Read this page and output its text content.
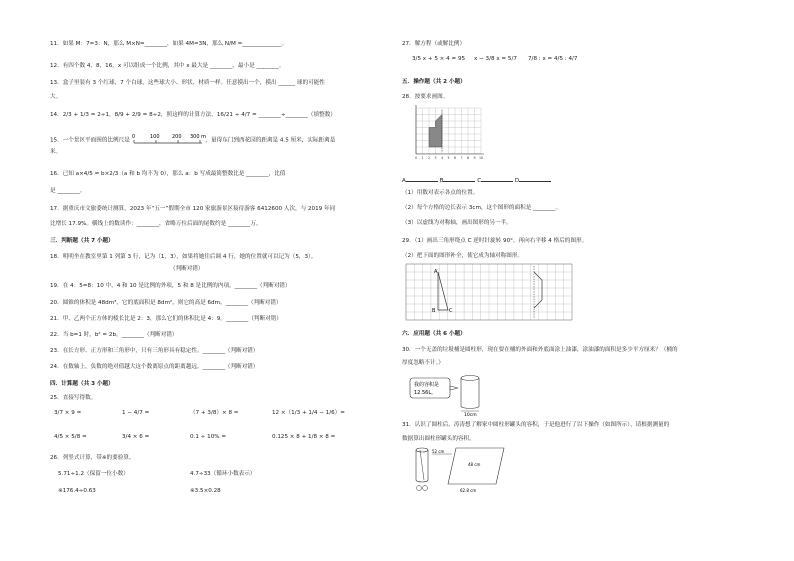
11．如果 M：7=3：N，那么 M×N=________，如果 4M=3N，那么 N/M =______________。
12．有四个数 4，8，16，x 可以组成一个比例，其中 x 最大是 ________，最小是 ________。
13．盒子里装有 3 个红球，7 个白球，这些球大小、形状、材质一样。任意摸出一个，摸出 ______ 球的可能性
大。
14．2/3 + 1/3 = 2÷1，8/9 + 2/9 = 8÷2，照这样的计算方法，16/21 ÷ 4/7 = ________÷________（填整数）
15．一个景区平面图的比例尺是
0	100 200 300 m
，量得东门到西花园的距离是 4.5 厘米，实际距离是
米。
16．已知 a×4/5 = b×2/3（a 和 b 均不为 0），那么 a：b 写成最简整数比是 ________，比值
是 ________。
17．据重庆市文旅委统计测算，2023 年“五一”假期全市 120 家旅游景区接待游客 6412600 人次，与 2019 年同
比增长 17.9%。横线上的数读作：________，省略万位后面的尾数约是 ________万。
三．判断题（共 7 小题）
18．明明坐在教室里第 1 列第 3 行，记为（1，3），如果将她往后调 4 行，她的位置就可以记为（5，3）。
（判断对错）
19．在 4：5=8：10 中，4 和 10 是比例的外项，5 和 8 是比例的内项。________（判断对错）
20．圆锥的体积是 48dm³，它的底面积是 8dm²，则它的高是 6dm。________（判断对错）
21．甲、乙两个正方体的棱长比是 2：3，那么它们的体积比是 4：9。________（判断对错）
22．当 b=1 时，b² = 2b。________（判断对错）
23．在长方形、正方形和三角形中，只有三角形具有稳定性。________（判断对错）
24．在数轴上，负数的绝对值越大这个数离原点的距离越远。________（判断对错）
四．计算题（共 3 小题）
25．直接写得数。
3/7 × 9 =	1 − 4/7 =	（7 + 3/8）× 8 =	12 ×（1/3 + 1/4 − 1/6）=
4/5 × 5/8 =	3/4 × 6 =	0.1 ÷ 10% =	0.125 × 8 + 1/8 × 8 =
26．列竖式计算，带※的要验算。
5.71÷1.2（保留一位小数）	4.7÷33（循环小数表示）
※176.4÷0.63	※3.5×0.28
27．解方程（或解比例）
3/5 x + 5 × 4 = 95 x − 3/8 x = 5/7 7/8 : x = 4/5 : 4/7
五．操作题（共 2 小题）
28．按要求画图。
0 1 2 3 4 5 6 7 8 9 10
A	B	C	D
（1）用数对表示各点的位置。
（2）每个方格的边长表示 3cm，这个图形的面积是 ________。
（3）以虚线为对称轴，画出图形的另一半。
29．（1）画出三角形绕点 C 逆时针旋转 90°，再向右平移 4 格后的图形。
（2）把下面的图形补全，使它成为轴对称图形。
A
B	C
六．应用题（共 6 小题）
30．一个无盖的垃圾桶是圆柱形，现在要在桶的外面和外底面涂上油漆，涂油漆的面积是多少平方厘米？（桶的
厚度忽略不计。）
我的容积是
12.56L。
10cm
31．认识了圆柱后，涛涛想了解家中圆柱形罐头的容积，于是他进行了以下操作（如图所示），请根据测量的
数据算出圆柱形罐头的容积。
52 cm
48 cm
62.8 cm
